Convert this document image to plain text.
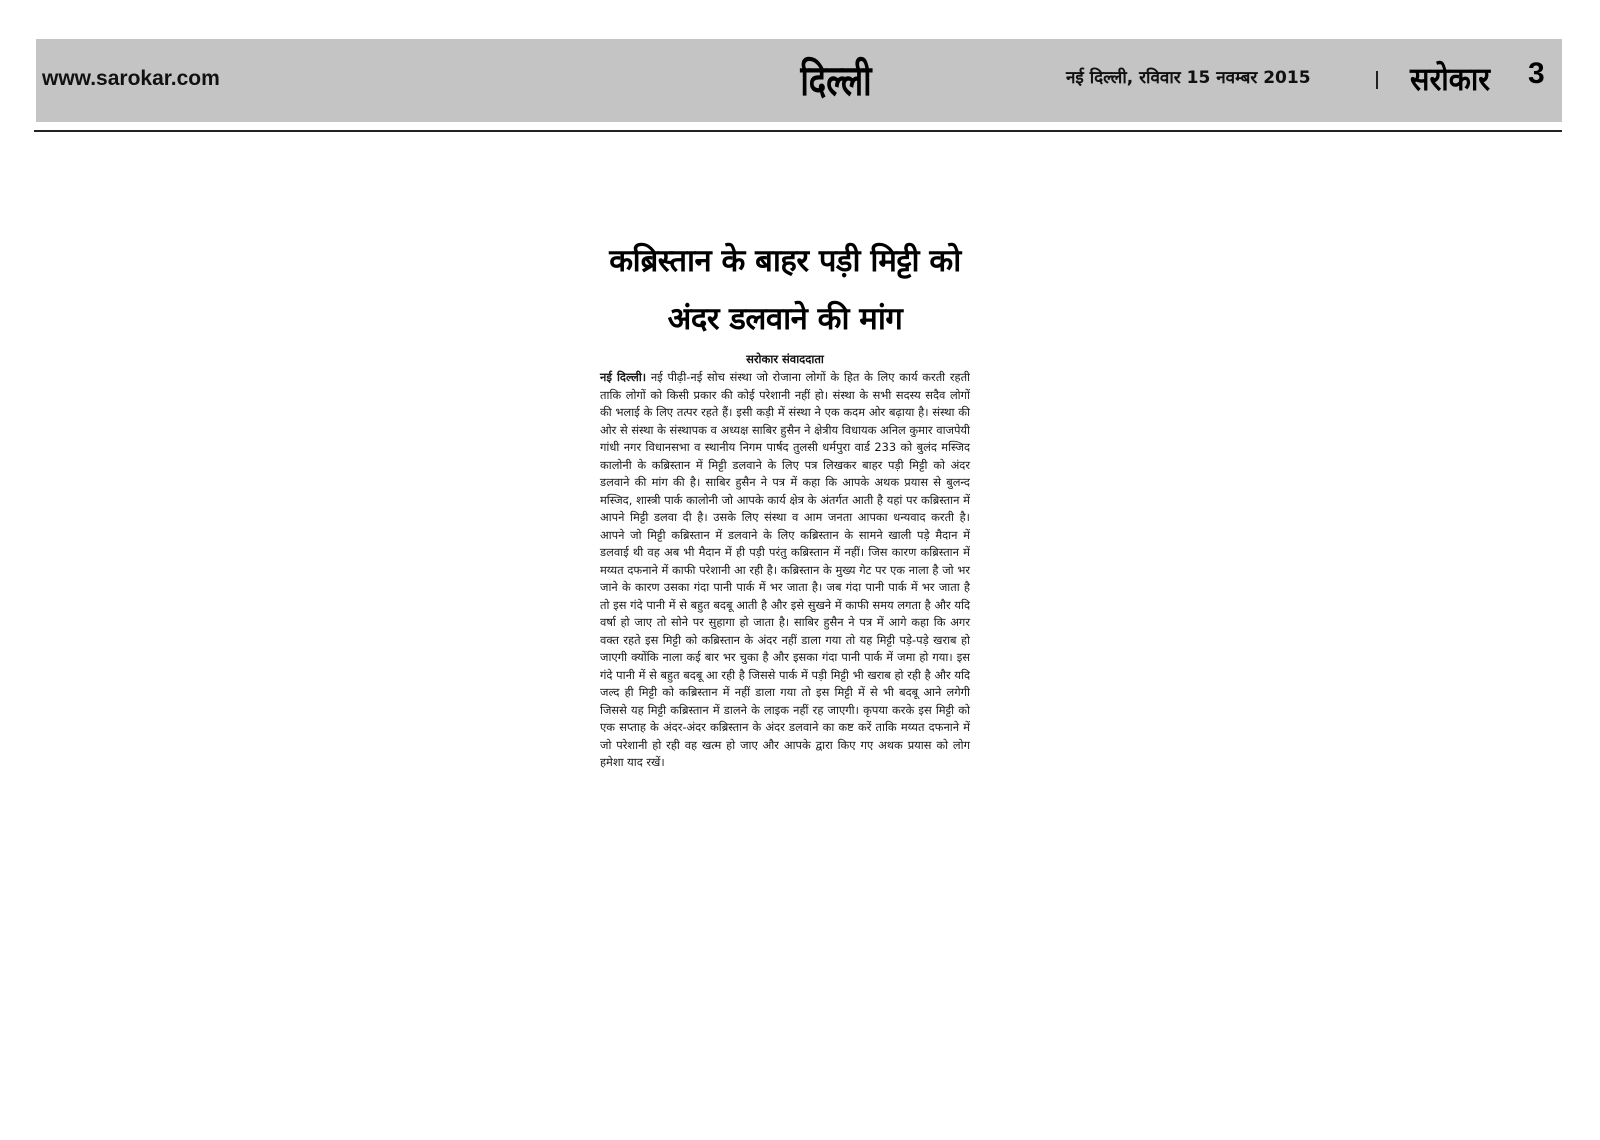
www.sarokar.com	दिल्ली	नई दिल्ली, रविवार 15 नवम्बर 2015	सरोकार 3
कब्रिस्तान के बाहर पड़ी मिट्टी को अंदर डलवाने की मांग
सरोकार संवाददाता

नई दिल्ली। नई पीढ़ी-नई सोच संस्था जो रोजाना लोगों के हित के लिए कार्य करती रहती ताकि लोगों को किसी प्रकार की कोई परेशानी नहीं हो। संस्था के सभी सदस्य सदैव लोगों की भलाई के लिए तत्पर रहते हैं। इसी कड़ी में संस्था ने एक कदम ओर बढ़ाया है। संस्था की ओर से संस्था के संस्थापक व अध्यक्ष साबिर हुसैन ने क्षेत्रीय विधायक अनिल कुमार वाजपेयी गांधी नगर विधानसभा व स्थानीय निगम पार्षद तुलसी धर्मपुरा वार्ड 233 को बुलंद मस्जिद कालोनी के कब्रिस्तान में मिट्टी डलवाने के लिए पत्र लिखकर बाहर पड़ी मिट्टी को अंदर डलवाने की मांग की है। साबिर हुसैन ने पत्र में कहा कि आपके अथक प्रयास से बुलन्द मस्जिद, शास्त्री पार्क कालोनी जो आपके कार्य क्षेत्र के अंतर्गत आती है यहां पर कब्रिस्तान में आपने मिट्टी डलवा दी है। उसके लिए संस्था व आम जनता आपका धन्यवाद करती है। आपने जो मिट्टी कब्रिस्तान में डलवाने के लिए कब्रिस्तान के सामने खाली पड़े मैदान में डलवाई थी वह अब भी मैदान में ही पड़ी परंतु कब्रिस्तान में नहीं। जिस कारण कब्रिस्तान में मय्यत दफनाने में काफी परेशानी आ रही है। कब्रिस्तान के मुख्य गेट पर एक नाला है जो भर जाने के कारण उसका गंदा पानी पार्क में भर जाता है। जब गंदा पानी पार्क में भर जाता है तो इस गंदे पानी में से बहुत बदबू आती है और इसे सुखने में काफी समय लगता है और यदि वर्षा हो जाए तो सोने पर सुहागा हो जाता है। साबिर हुसैन ने पत्र में आगे कहा कि अगर वक्त रहते इस मिट्टी को कब्रिस्तान के अंदर नहीं डाला गया तो यह मिट्टी पड़े-पड़े खराब हो जाएगी क्योंकि नाला कई बार भर चुका है और इसका गंदा पानी पार्क में जमा हो गया। इस गंदे पानी में से बहुत बदबू आ रही है जिससे पार्क में पड़ी मिट्टी भी खराब हो रही है और यदि जल्द ही मिट्टी को कब्रिस्तान में नहीं डाला गया तो इस मिट्टी में से भी बदबू आने लगेगी जिससे यह मिट्टी कब्रिस्तान में डालने के लाइक नहीं रह जाएगी। कृपया करके इस मिट्टी को एक सप्ताह के अंदर-अंदर कब्रिस्तान के अंदर डलवाने का कष्ट करें ताकि मय्यत दफनाने में जो परेशानी हो रही वह खत्म हो जाए और आपके द्वारा किए गए अथक प्रयास को लोग हमेशा याद रखें।
